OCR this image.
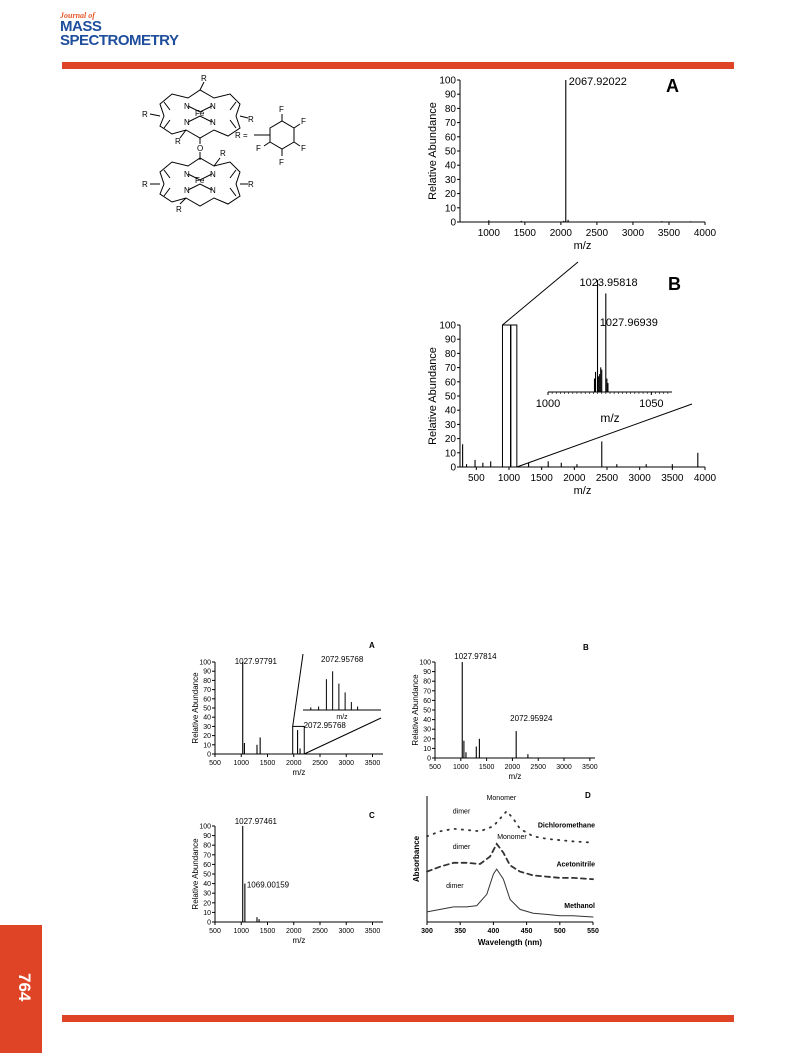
Journal of
MASS
SPECTROMETRY
764
R
R
R
R
R
R	R
R
Fe
Fe
O
N	N
N	N
N	N
N	N
R =
F
F
F
F
F
0
10
20
30
40
50
60
70
80
90
100
1000 1500 2000 2500 3000 3500 4000
m/z
Relative Abundance
A
2067.92022
0
10
20
30
40
50
60
70
80
90
100
500 1000 1500 2000 2500 3000 3500 4000
m/z
Relative Abundance
B
1000	1050
m/z
1023.95818
1027.96939
0
10
20
30
40
50
60
70
80
90
100
500 1000 1500 2000 2500 3000 3500
m/z
Relative Abundance
A
1027.97791
2072.95768
2072.95768
m/z
0
10
20
30
40
50
60
70
80
90
100
500 1000 1500 2000 2500 3000 3500
m/z
Relative Abundance
B
1027.97814
2072.95924
0
10
20
30
40
50
60
70
80
90
100
500 1000 1500 2000 2500 3000 3500
m/z
Relative Abundance
C
1027.97461
1069.00159
300	350	400	450	500	550
Wavelength (nm)
Absorbance
Dichloromethane
Acetonitrile
Methanol
Monomer
Monomer
dimer
dimer
dimer
D
